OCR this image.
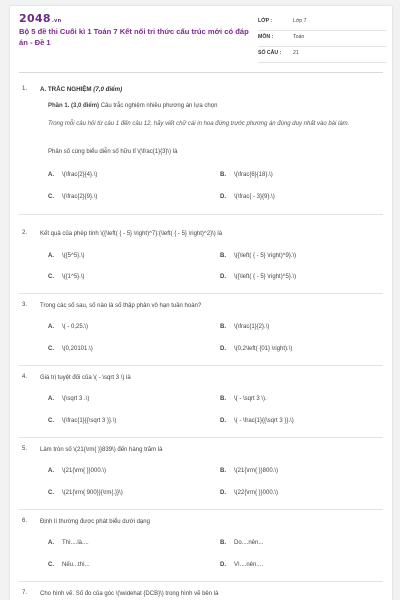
2048.vn
Bộ 5 đề thi Cuối kì 1 Toán 7 Kết nối tri thức cấu trúc mới có đáp án - Đề 1
LỚP :	Lớp 7
MÔN :	Toán
SỐ CÂU : 21
1. A. TRẮC NGHIỆM (7,0 điểm)
Phần 1. (3,0 điểm) Câu trắc nghiệm nhiều phương án lựa chọn
Trong mỗi câu hỏi từ câu 1 đến câu 12, hãy viết chữ cái in hoa đứng trước phương án đúng duy nhất vào bài làm.
Phân số cùng biểu diễn số hữu tỉ \(\frac{1}{3}\) là
A. \(\frac{2}{4}.\)	B. \(\frac{6}{18}.\)
C. \(\frac{2}{9}.\)	D. \(\frac{ - 3}{9}.\)
2. Kết quả của phép tính \({\left( { - 5} \right)^7}:{\left( { - 5} \right)^2}\) là
A. \({5^5}.\)	B. \({\left( { - 5} \right)^9}.\)
C. \({1^5}.\)	D. \({\left( { - 5} \right)^5}.\)
3. Trong các số sau, số nào là số thập phân vô hạn tuần hoàn?
A. \( - 0,25.\)	B. \(\frac{1}{2}.\)
C. \(0,20101.\)	D. \(0,2\left( {01} \right).\)
4. Giá trị tuyệt đối của \( - \sqrt 3 \) là
A. \(\sqrt 3 .\)	B. \( - \sqrt 3 \).
C. \(\frac{1}{{\sqrt 3 }}.\)	D. \( - \frac{1}{{\sqrt 3 }}.\)
5. Làm tròn số \(21{\rm{ }}839\) đến hàng trăm là
A. \(21{\rm{ }}000.\)	B. \(21{\rm{ }}800.\)
C. \(21{\rm{ 900}}{\rm{.}}\)	D. \(22{\rm{ }}000.\)
6. Định lí thường được phát biểu dưới dạng
A. Thì....là....	B. Do....nên...
C. Nếu...thì...	D. Vì....nên....
7. Cho hình vẽ. Số đo của góc \(\widehat {DCB}\) trong hình vẽ bên là
